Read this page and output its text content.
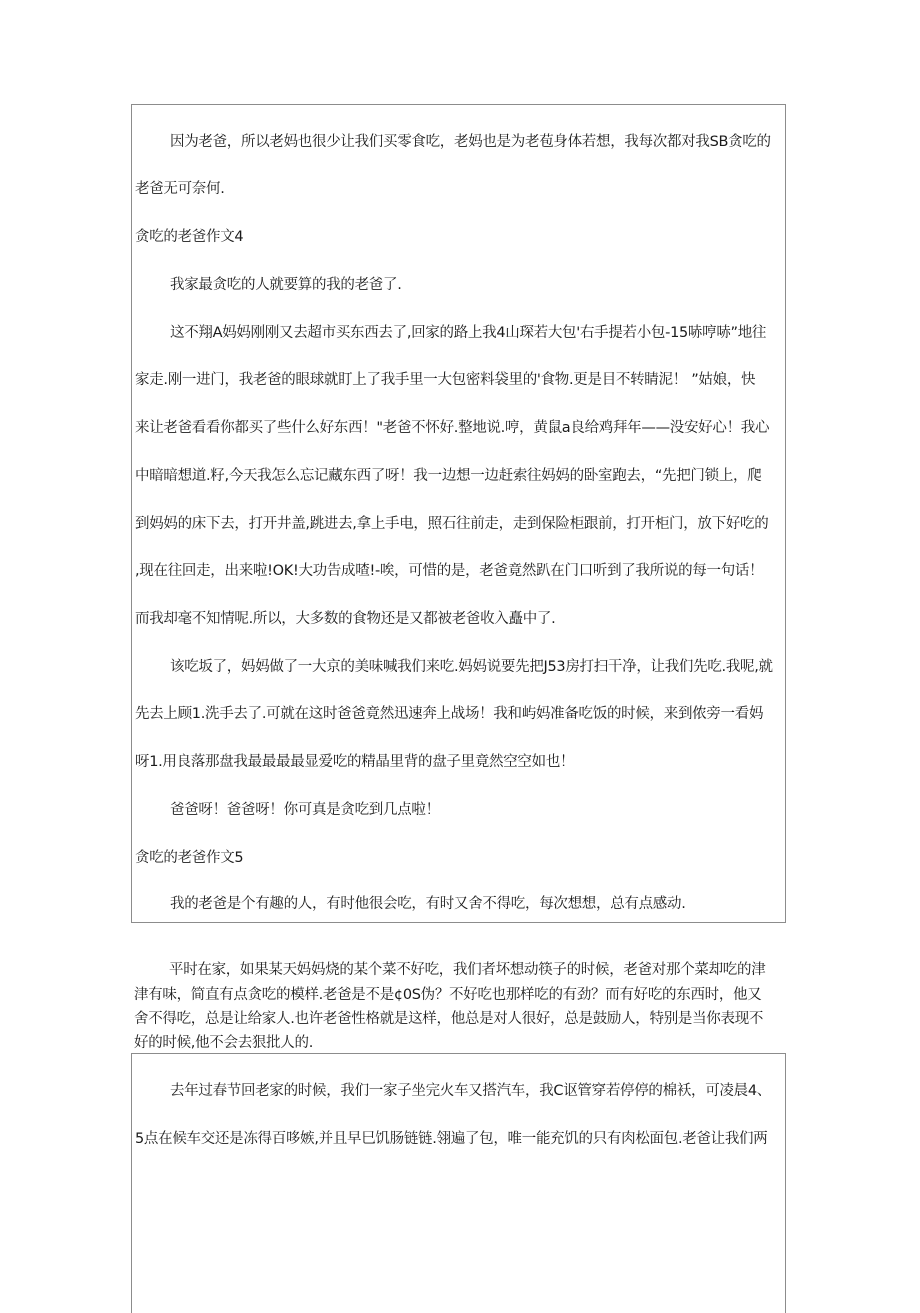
因为老爸，所以老妈也很少让我们买零食吃，老妈也是为老苞身体若想，我每次都对我SB贪吃的
老爸无可奈何.
贪吃的老爸作文4
我家最贪吃的人就要算的我的老爸了.
这不翔A妈妈刚刚又去超市买东西去了,回家的路上我4山琛若大包'右手提若小包-15哧哼哧”地往
家走.刚一进门，我老爸的眼球就盯上了我手里一大包密料袋里的'食物.更是目不转睛泥！ ”姑娘，快
来让老爸看看你都买了些什么好东西！"老爸不怀好.整地说.哼，黄鼠a良给鸡拜年——没安好心！我心
中暗暗想道.籽,今天我怎么忘记藏东西了呀！我一边想一边赶索往妈妈的卧室跑去，“先把门锁上，爬
到妈妈的床下去，打开井盖,跳进去,拿上手电，照石往前走，走到保险柜跟前，打开柜门，放下好吃的
,现在往回走，出来啦!OK!大功告成喳!-唉，可惜的是，老爸竟然趴在门口听到了我所说的每一句话！
而我却毫不知情呢.所以，大多数的食物还是又都被老爸收入矗中了.
该吃坂了，妈妈做了一大京的美味喊我们来吃.妈妈说要先把J53房打扫干净，让我们先吃.我呢,就
先去上顾1.洗手去了.可就在这时爸爸竟然迅速奔上战场！我和屿妈准备吃饭的时候，来到侬旁一看妈
呀1.用良落那盘我最最最最显爱吃的精晶里背的盘子里竟然空空如也！
爸爸呀！爸爸呀！你可真是贪吃到几点啦！
贪吃的老爸作文5
我的老爸是个有趣的人，有时他很会吃，有时又舍不得吃，每次想想，总有点感动.
平时在家，如果某天妈妈烧的某个菜不好吃，我们者坏想动筷子的时候，老爸对那个菜却吃的津
津有味，简直有点贪吃的模样.老爸是不是¢0S伪？不好吃也那样吃的有劲？而有好吃的东西时，他又
舍不得吃，总是让给家人.也许老爸性格就是这样，他总是对人很好，总是鼓励人，特别是当你表现不
好的时候,他不会去狠批人的.
去年过春节回老家的时候，我们一家子坐完火车又搭汽车，我C讴管穿若停停的棉袄，可凌晨4、
5点在候车交还是冻得百哆嫉,并且早巳饥肠链链.翎遍了包，唯一能充饥的只有肉松面包.老爸让我们两
